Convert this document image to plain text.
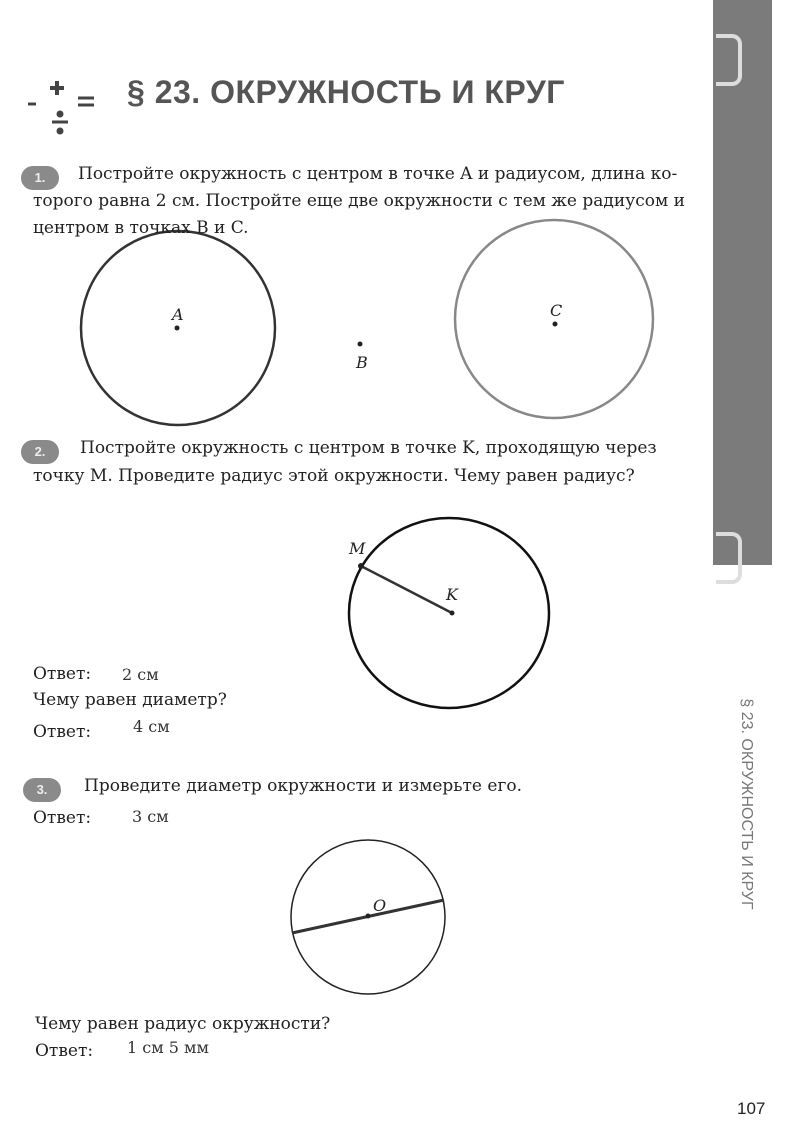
§ 23. ОКРУЖНОСТЬ И КРУГ
1.	Постройте окружность с центром в точке A и радиусом, длина ко-
торого равна 2 см. Постройте еще две окружности с тем же радиусом и
центром в точках B и C.
A
B
C
2.	Постройте окружность с центром в точке K, проходящую через
точку M. Проведите радиус этой окружности. Чему равен радиус?
M
K
Ответ: 2 см
Чему равен диаметр?
Ответ:	4 см
3.	Проведите диаметр окружности и измерьте его.
Ответ:	3 см
O
Чему равен радиус окружности?
Ответ: 1 см 5 мм
§ 23. ОКРУЖНОСТЬ И КРУГ
107
